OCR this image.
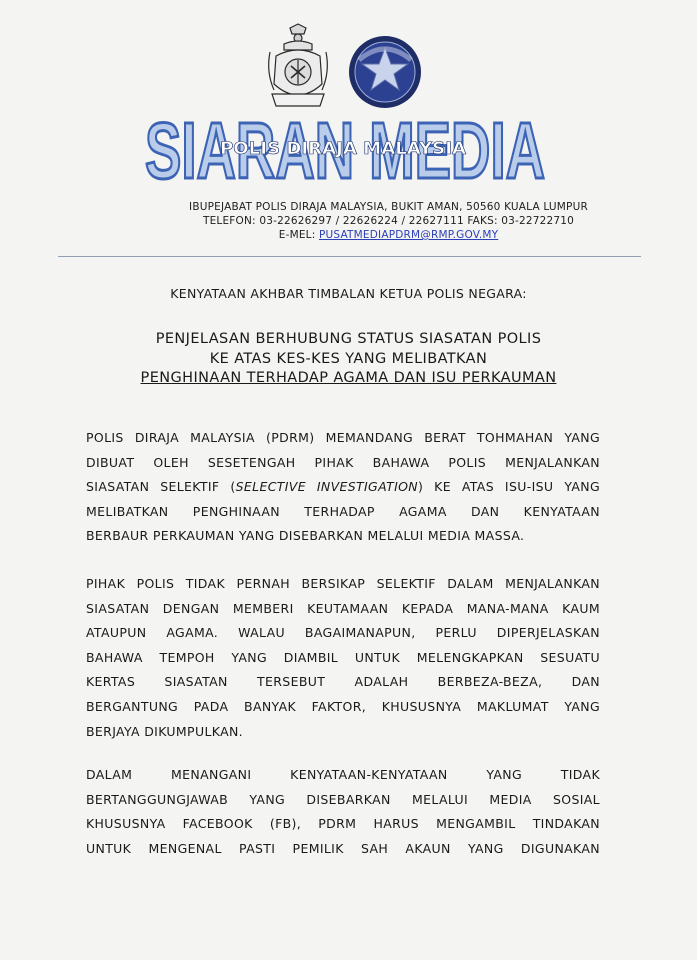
SIARAN MEDIA
POLIS DIRAJA MALAYSIA
IBUPEJABAT POLIS DIRAJA MALAYSIA, BUKIT AMAN, 50560 KUALA LUMPUR
TELEFON: 03-22626297 / 22626224 / 22627111 FAKS: 03-22722710
E-MEL: PUSATMEDIAPDRM@RMP.GOV.MY
KENYATAAN AKHBAR TIMBALAN KETUA POLIS NEGARA:
PENJELASAN BERHUBUNG STATUS SIASATAN POLIS
KE ATAS KES-KES YANG MELIBATKAN
PENGHINAAN TERHADAP AGAMA DAN ISU PERKAUMAN
POLIS DIRAJA MALAYSIA (PDRM) MEMANDANG BERAT TOHMAHAN YANG
DIBUAT OLEH SESETENGAH PIHAK BAHAWA POLIS MENJALANKAN
SIASATAN SELEKTIF (SELECTIVE INVESTIGATION) KE ATAS ISU-ISU YANG
MELIBATKAN PENGHINAAN TERHADAP AGAMA DAN KENYATAAN
BERBAUR PERKAUMAN YANG DISEBARKAN MELALUI MEDIA MASSA.
PIHAK POLIS TIDAK PERNAH BERSIKAP SELEKTIF DALAM MENJALANKAN
SIASATAN DENGAN MEMBERI KEUTAMAAN KEPADA MANA-MANA KAUM
ATAUPUN AGAMA. WALAU BAGAIMANAPUN, PERLU DIPERJELASKAN
BAHAWA TEMPOH YANG DIAMBIL UNTUK MELENGKAPKAN SESUATU
KERTAS SIASATAN TERSEBUT ADALAH BERBEZA-BEZA, DAN
BERGANTUNG PADA BANYAK FAKTOR, KHUSUSNYA MAKLUMAT YANG
BERJAYA DIKUMPULKAN.
DALAM MENANGANI KENYATAAN-KENYATAAN YANG TIDAK
BERTANGGUNGJAWAB YANG DISEBARKAN MELALUI MEDIA SOSIAL
KHUSUSNYA FACEBOOK (FB), PDRM HARUS MENGAMBIL TINDAKAN
UNTUK MENGENAL PASTI PEMILIK SAH AKAUN YANG DIGUNAKAN
